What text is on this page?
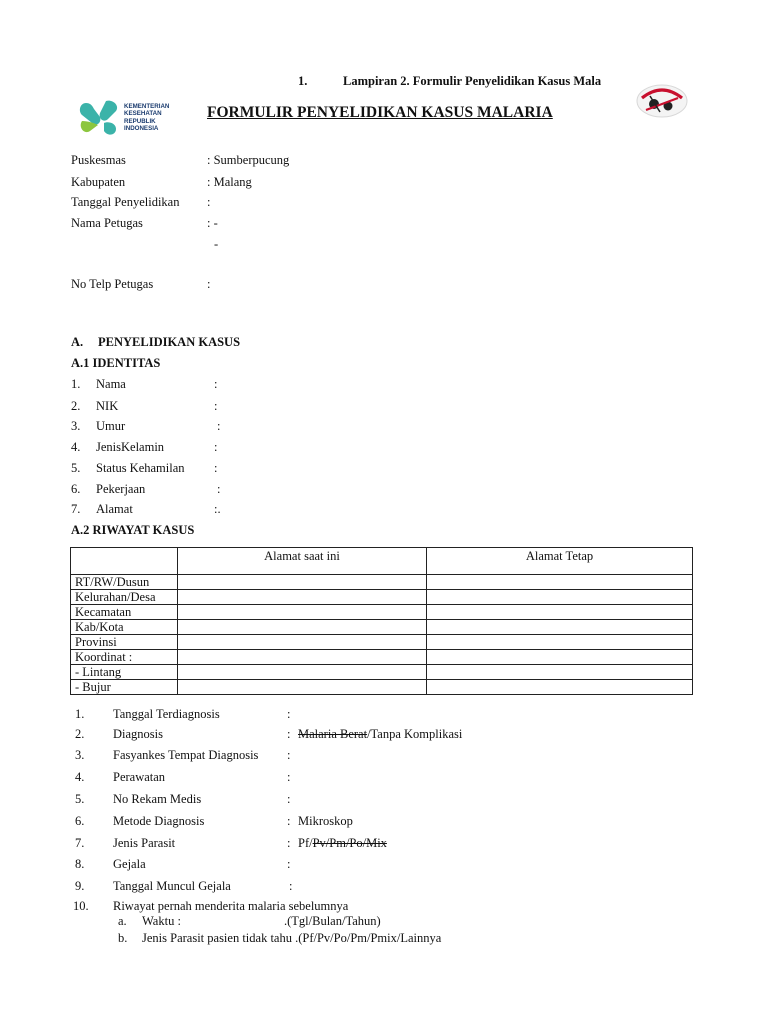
1.	Lampiran 2. Formulir Penyelidikan Kasus Mala
KEMENTERIAN
KESEHATAN
REPUBLIK
INDONESIA
FORMULIR PENYELIDIKAN KASUS MALARIA
Puskesmas	: Sumberpucung
Kabupaten	: Malang
Tanggal Penyelidikan :
Nama Petugas	: -
-
No Telp Petugas	:
A. PENYELIDIKAN KASUS
A.1 IDENTITAS
1. Nama	:
2. NIK	:
3. Umur	:
4. JenisKelamin	:
5. Status Kehamilan :
6. Pekerjaan	:
7. Alamat	:.
A.2 RIWAYAT KASUS
	Alamat saat ini	Alamat Tetap
RT/RW/Dusun		
Kelurahan/Desa		
Kecamatan		
Kab/Kota		
Provinsi		
Koordinat :		
- Lintang		
- Bujur		
1. Tanggal Terdiagnosis	:
2. Diagnosis	: Malaria Berat/Tanpa Komplikasi
3. Fasyankes Tempat Diagnosis :
4. Perawatan	:
5. No Rekam Medis	:
6. Metode Diagnosis	: Mikroskop
7. Jenis Parasit	: Pf/Pv/Pm/Po/Mix
8. Gejala	:
9. Tanggal Muncul Gejala	:
10. Riwayat pernah menderita malaria sebelumnya
a. Waktu :	.(Tgl/Bulan/Tahun)
b. Jenis Parasit pasien tidak tahu .(Pf/Pv/Po/Pm/Pmix/Lainnya
